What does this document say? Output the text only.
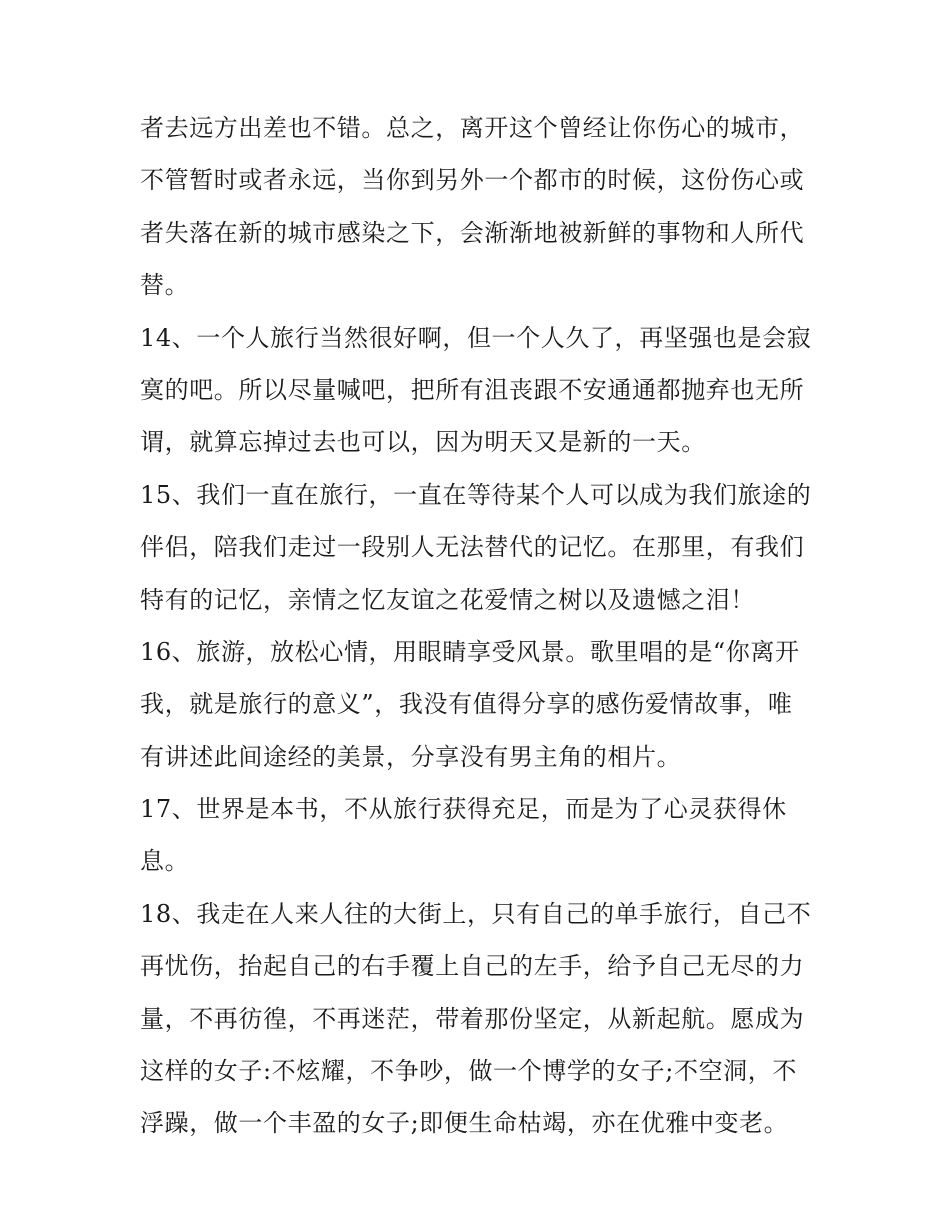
者去远方出差也不错。总之，离开这个曾经让你伤心的城市，

不管暂时或者永远，当你到另外一个都市的时候，这份伤心或

者失落在新的城市感染之下，会渐渐地被新鲜的事物和人所代

替。

14、一个人旅行当然很好啊，但一个人久了，再坚强也是会寂

寞的吧。所以尽量喊吧，把所有沮丧跟不安通通都抛弃也无所

谓，就算忘掉过去也可以，因为明天又是新的一天。

15、我们一直在旅行，一直在等待某个人可以成为我们旅途的

伴侣，陪我们走过一段别人无法替代的记忆。在那里，有我们

特有的记忆，亲情之忆友谊之花爱情之树以及遗憾之泪！

16、旅游，放松心情，用眼睛享受风景。歌里唱的是“你离开

我，就是旅行的意义”，我没有值得分享的感伤爱情故事，唯

有讲述此间途经的美景，分享没有男主角的相片。

17、世界是本书，不从旅行获得充足，而是为了心灵获得休

息。

18、我走在人来人往的大街上，只有自己的单手旅行，自己不

再忧伤，抬起自己的右手覆上自己的左手，给予自己无尽的力

量，不再彷徨，不再迷茫，带着那份坚定，从新起航。愿成为

这样的女子:不炫耀，不争吵，做一个博学的女子;不空洞，不

浮躁，做一个丰盈的女子;即便生命枯竭，亦在优雅中变老。
